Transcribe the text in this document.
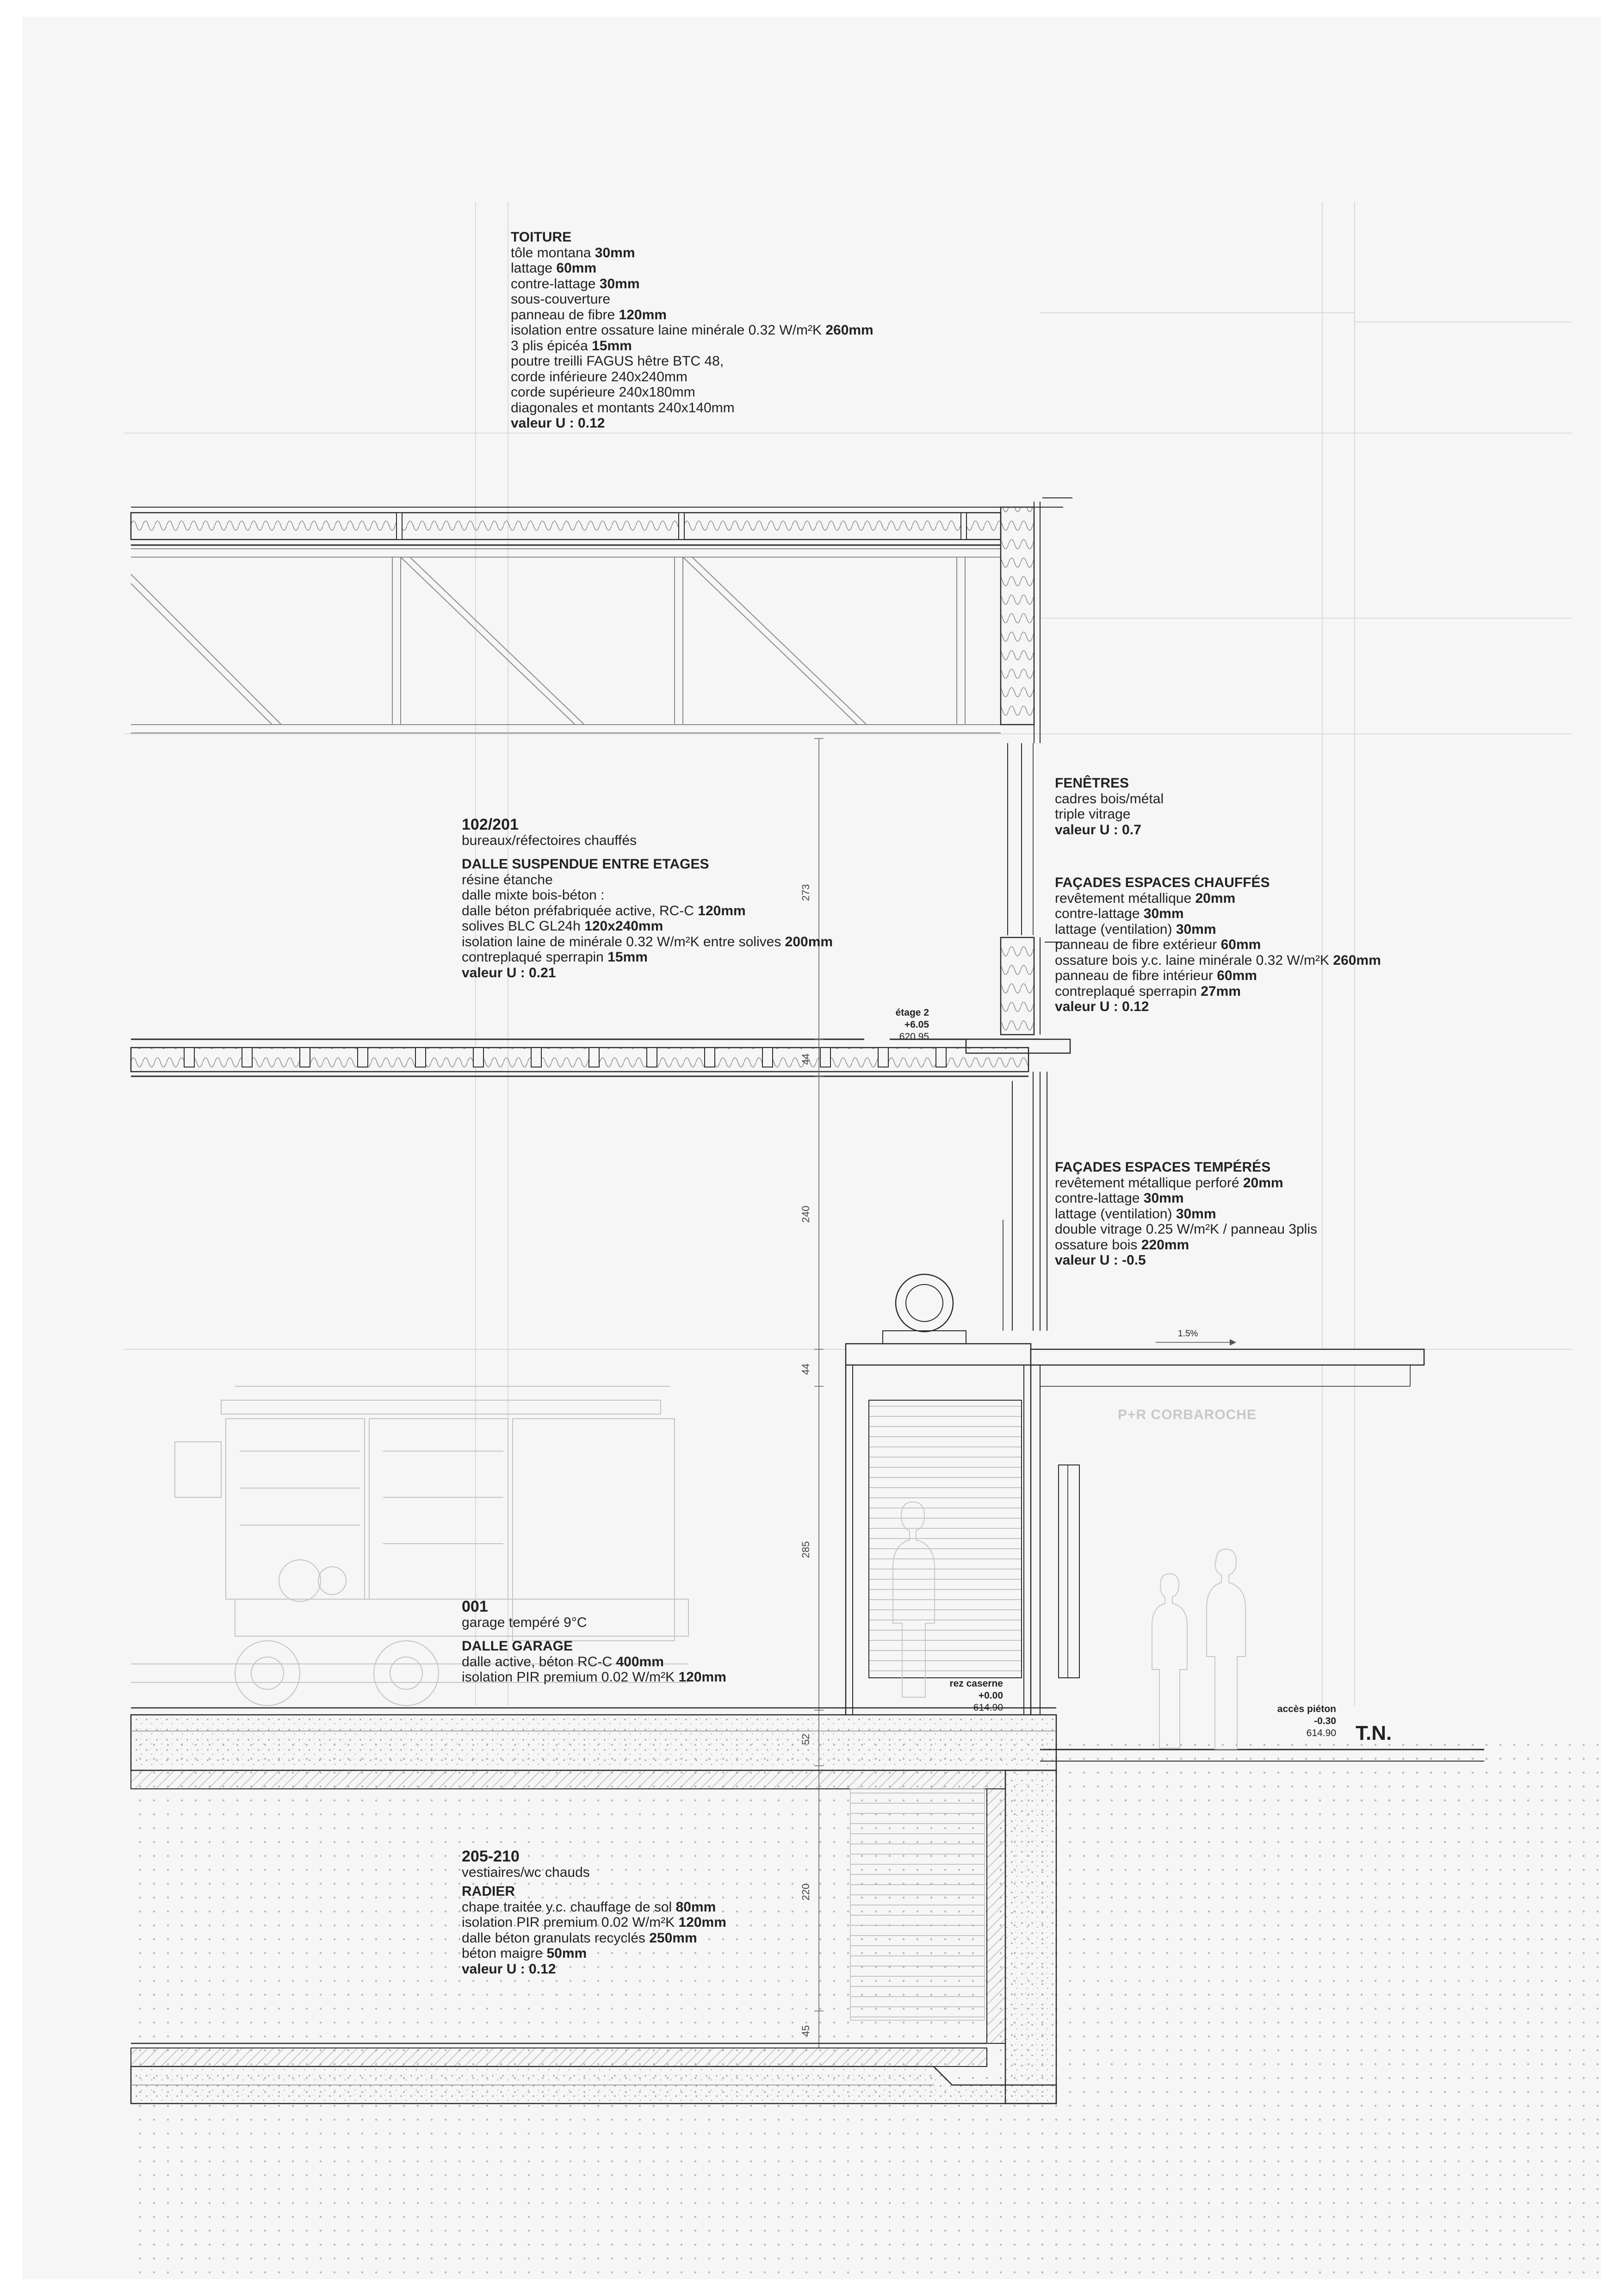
TOITURE
tôle montana 30mm
lattage 60mm
contre-lattage 30mm
sous-couverture
panneau de fibre 120mm
isolation entre ossature laine minérale 0.32 W/m²K 260mm
3 plis épicéa 15mm
poutre treilli FAGUS hêtre BTC 48,
corde inférieure 240x240mm
corde supérieure 240x180mm
diagonales et montants 240x140mm
valeur U : 0.12
FENÊTRES
cadres bois/métal
triple vitrage
valeur U : 0.7
FAÇADES ESPACES CHAUFFÉS
revêtement métallique 20mm
contre-lattage 30mm
lattage (ventilation) 30mm
panneau de fibre extérieur 60mm
ossature bois y.c. laine minérale 0.32 W/m²K 260mm
panneau de fibre intérieur 60mm
contreplaqué sperrapin 27mm
valeur U : 0.12
FAÇADES ESPACES TEMPÉRÉS
revêtement métallique perforé 20mm
contre-lattage 30mm
lattage (ventilation) 30mm
double vitrage 0.25 W/m²K / panneau 3plis
ossature bois 220mm
valeur U : -0.5
102/201
bureaux/réfectoires chauffés
DALLE SUSPENDUE ENTRE ETAGES
résine étanche
dalle mixte bois-béton :
dalle béton préfabriquée active, RC-C 120mm
solives BLC GL24h 120x240mm
isolation laine de minérale 0.32 W/m²K entre solives 200mm
contreplaqué sperrapin 15mm
valeur U : 0.21
001
garage tempéré 9°C
DALLE GARAGE
dalle active, béton RC-C 400mm
isolation PIR premium 0.02 W/m²K 120mm
205-210
vestiaires/wc chauds
RADIER
chape traitée y.c. chauffage de sol 80mm
isolation PIR premium 0.02 W/m²K 120mm
dalle béton granulats recyclés 250mm
béton maigre 50mm
valeur U : 0.12
étage 2
+6.05
620.95
rez caserne
+0.00
614.90	accès piéton
-0.30
614.90 T.N.
1.5%
P+R CORBAROCHE
273
44
240
44
285
52
220
45
